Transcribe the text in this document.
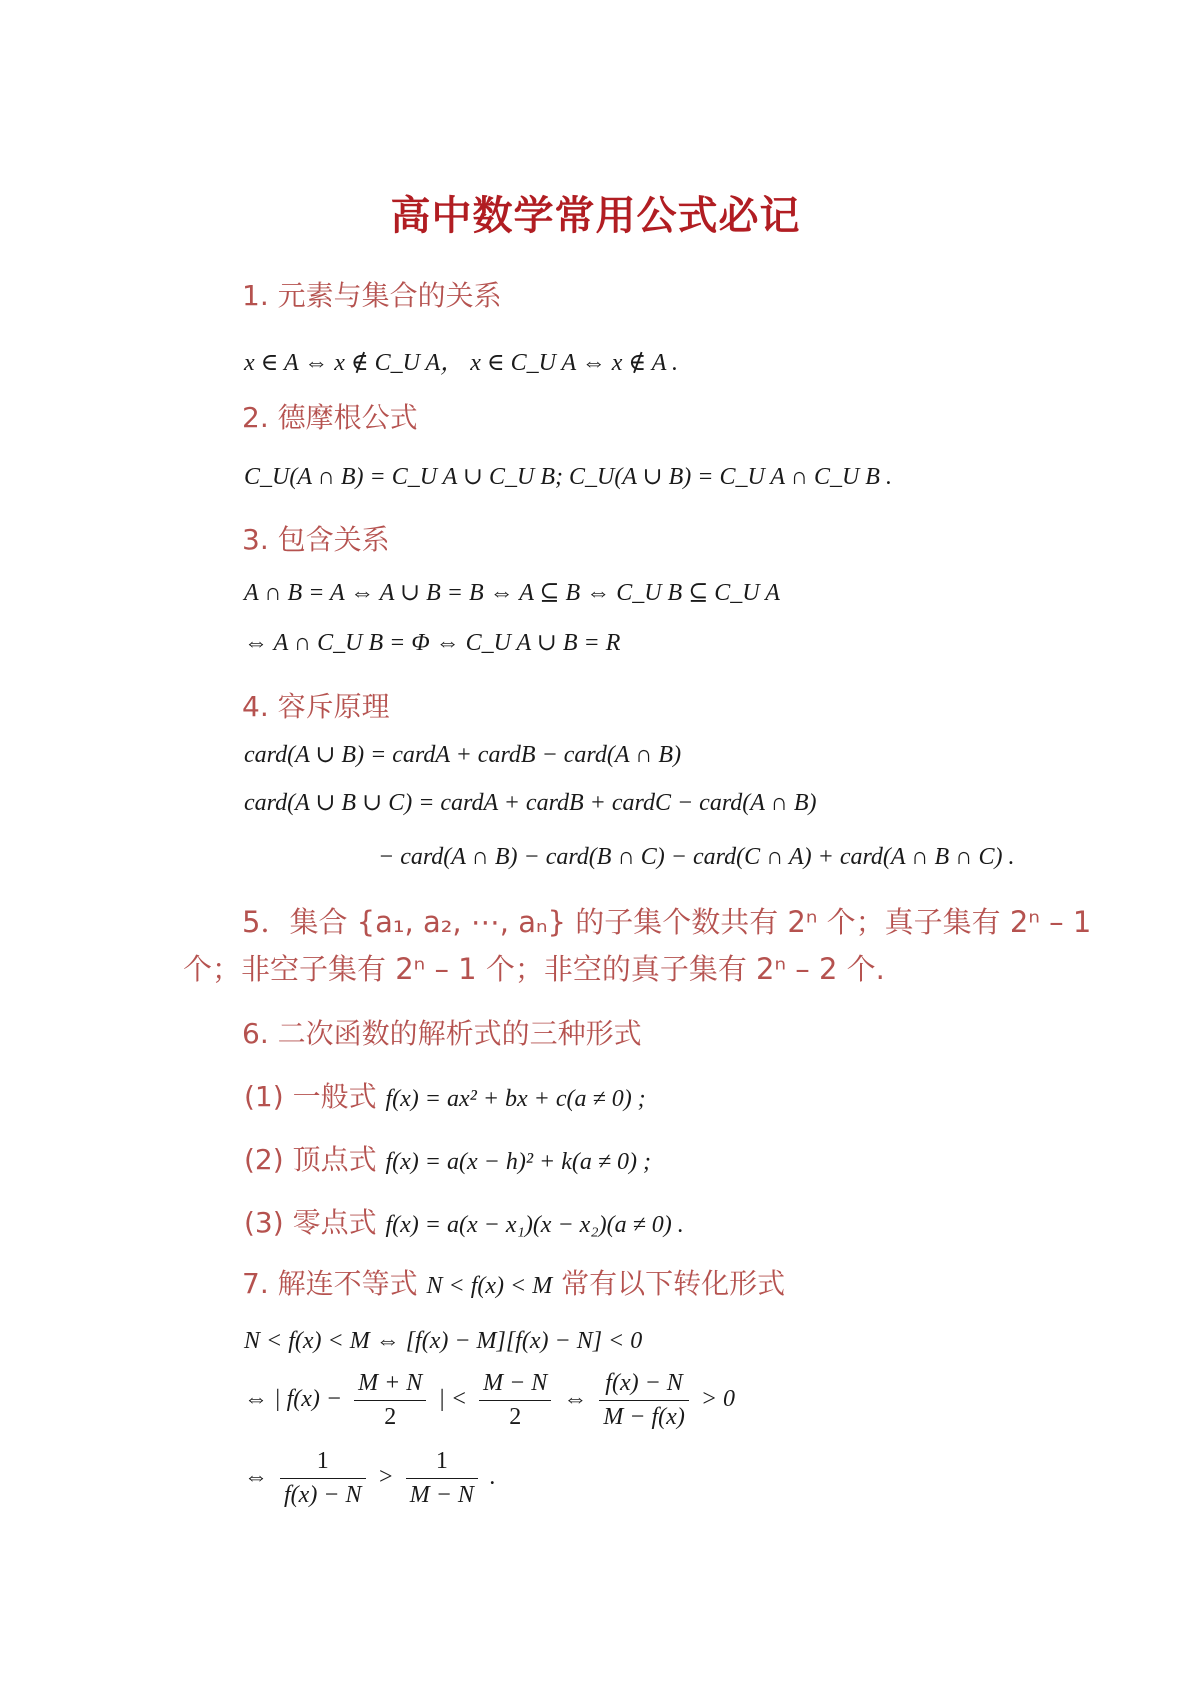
高中数学常用公式必记
1. 元素与集合的关系
x ∈ A ⇔ x ∉ C_U A， x ∈ C_U A ⇔ x ∉ A .
2. 德摩根公式
C_U(A ∩ B) = C_U A ∪ C_U B; C_U(A ∪ B) = C_U A ∩ C_U B .
3. 包含关系
A ∩ B = A ⇔ A ∪ B = B ⇔ A ⊆ B ⇔ C_U B ⊆ C_U A
⇔ A ∩ C_U B = Φ ⇔ C_U A ∪ B = R
4. 容斥原理
card(A ∪ B) = cardA + cardB − card(A ∩ B)
card(A ∪ B ∪ C) = cardA + cardB + cardC − card(A ∩ B)
− card(A ∩ B) − card(B ∩ C) − card(C ∩ A) + card(A ∩ B ∩ C) .
5．集合 {a₁, a₂, ⋯, aₙ} 的子集个数共有 2ⁿ 个；真子集有 2ⁿ – 1
个；非空子集有 2ⁿ – 1 个；非空的真子集有 2ⁿ – 2 个.
6. 二次函数的解析式的三种形式
(1) 一般式 f(x) = ax² + bx + c(a ≠ 0) ;
(2) 顶点式 f(x) = a(x − h)² + k(a ≠ 0) ;
(3) 零点式 f(x) = a(x − x₁)(x − x₂)(a ≠ 0) .
7. 解连不等式 N < f(x) < M 常有以下转化形式
N < f(x) < M ⇔ [f(x) − M][f(x) − N] < 0
⇔ | $f(x) - \frac{M + N}{2}$ | < $\frac{M - N}{2}$ ⇔ $\frac{f(x) - N}{M - f(x)} > 0$
⇔ $\frac{1}{f(x) - N} > \frac{1}{M - N}$ .
